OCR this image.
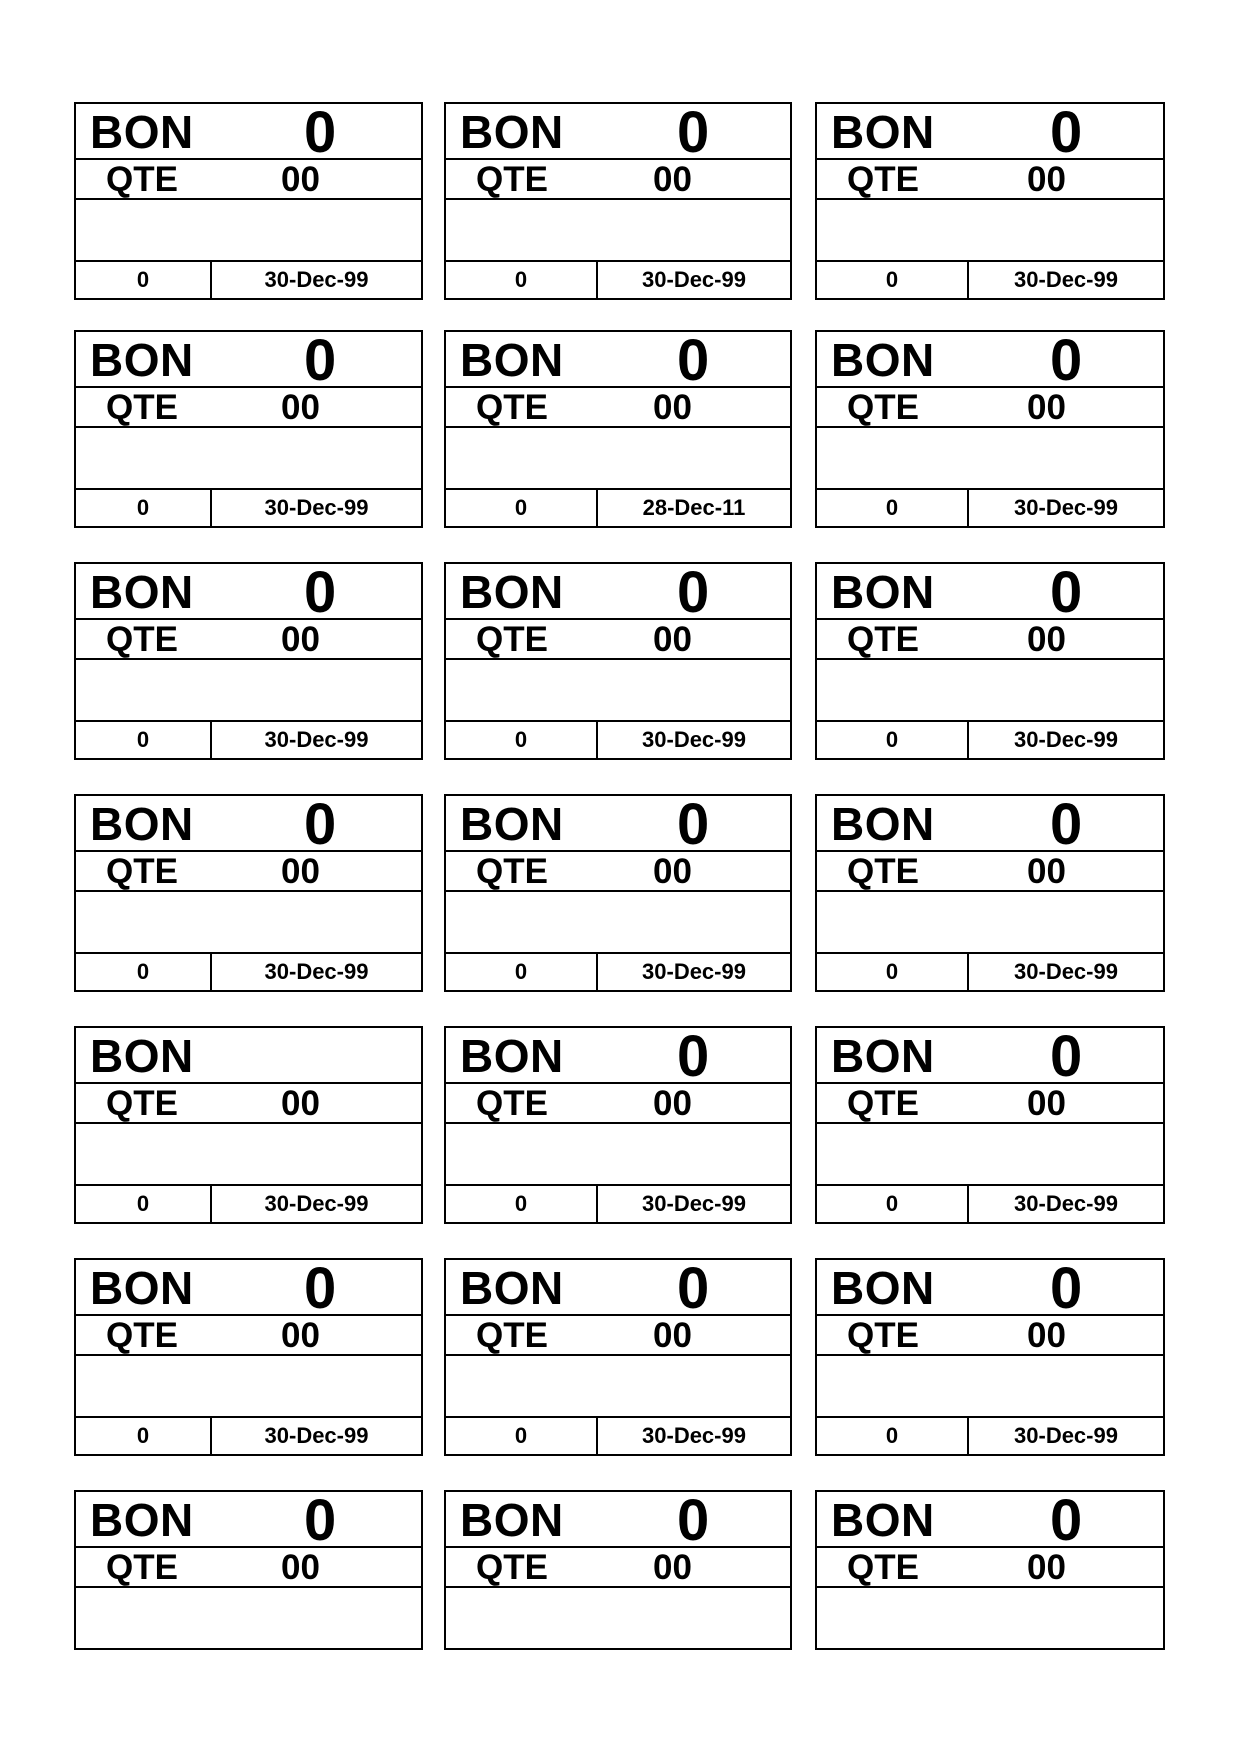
BON 0
QTE	00
0	30-Dec-99
BON 0
QTE	00
0	30-Dec-99
BON 0
QTE	00
0	30-Dec-99
BON 0
QTE	00
0	30-Dec-99
BON 0
QTE	00
0	28-Dec-11
BON 0
QTE	00
0	30-Dec-99
BON 0
QTE	00
0	30-Dec-99
BON 0
QTE	00
0	30-Dec-99
BON 0
QTE	00
0	30-Dec-99
BON 0
QTE	00
0	30-Dec-99
BON 0
QTE	00
0	30-Dec-99
BON 0
QTE	00
0	30-Dec-99
BON
QTE	00
0	30-Dec-99
BON 0
QTE	00
0	30-Dec-99
BON 0
QTE	00
0	30-Dec-99
BON 0
QTE	00
0	30-Dec-99
BON 0
QTE	00
0	30-Dec-99
BON 0
QTE	00
0	30-Dec-99
BON 0
QTE	00
BON 0
QTE	00
BON 0
QTE	00
